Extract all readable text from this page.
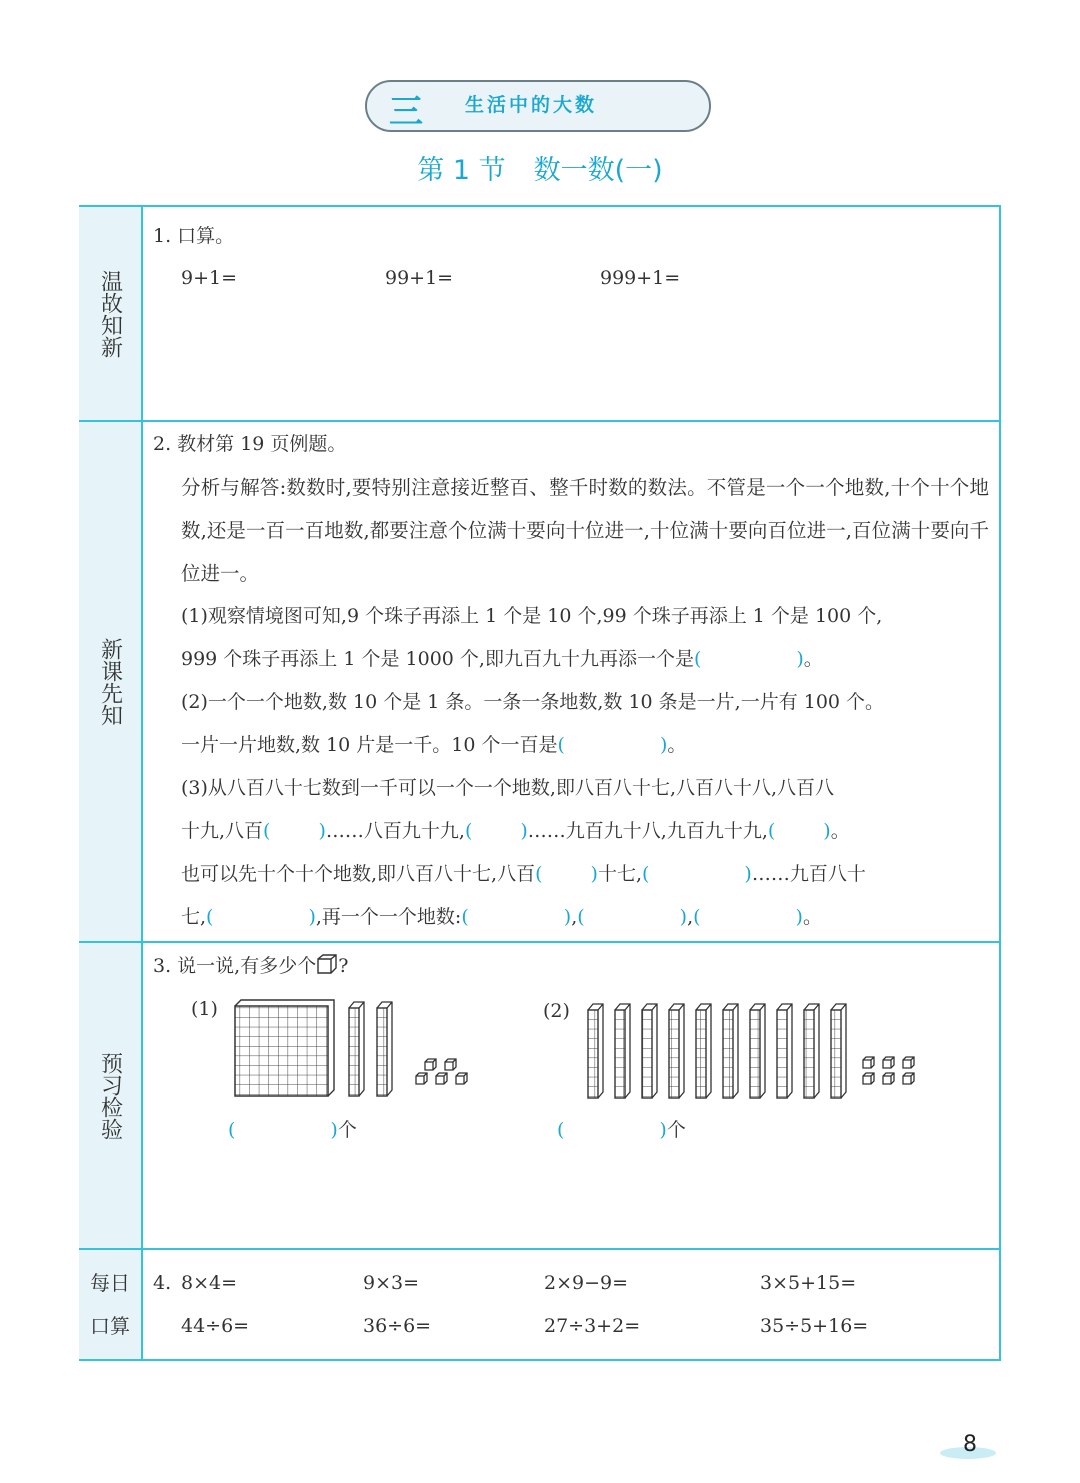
三 生活中的大数
第 1 节 数一数(一)
温故知新
1. 口算。
9+1=	99+1=	999+1=
新课先知
2. 教材第 19 页例题。
分析与解答:数数时,要特别注意接近整百、整千时数的数法。不管是一个一个地数,十个十个地数,还是一百一百地数,都要注意个位满十要向十位进一,十位满十要向百位进一,百位满十要向千位进一。
(1)观察情境图可知,9 个珠子再添上 1 个是 10 个,99 个珠子再添上 1 个是 100 个,
999 个珠子再添上 1 个是 1000 个,即九百九十九再添一个是(	)。
(2)一个一个地数,数 10 个是 1 条。一条一条地数,数 10 条是一片,一片有 100 个。
一片一片地数,数 10 片是一千。10 个一百是(	)。
(3)从八百八十七数到一千可以一个一个地数,即八百八十七,八百八十八,八百八
十九,八百(	)……八百九十九,(	)……九百九十八,九百九十九,(	)。
也可以先十个十个地数,即八百八十七,八百(	)十七,(	)……九百八十
七,(	),再一个一个地数:(	),(	),(	)。
预习检验
3. 说一说,有多少个 ?
(1)	(2)
(	)个	(	)个
每日
口算
4. 8×4=	9×3=	2×9−9=	3×5+15=
44÷6=	36÷6=	27÷3+2=	35÷5+16=
8
